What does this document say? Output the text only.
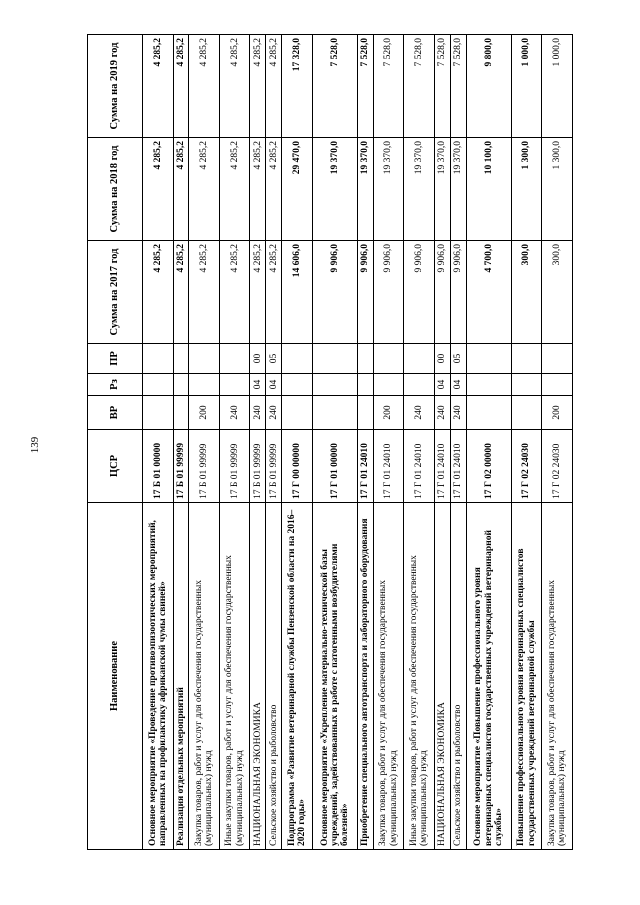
139
Наименование	ЦСР	ВР	Рз	ПР	Сумма на 2017 год	Сумма на 2018 год	Сумма на 2019 год
Основное мероприятие «Проведение противоэпизоотических мероприятий, направленных на профилактику африканской чумы свиней»	17 Б 01 00000				4 285,2	4 285,2	4 285,2
Реализация отдельных мероприятий	17 Б 01 99999				4 285,2	4 285,2	4 285,2
Закупка товаров, работ и услуг для обеспечения государственных (муниципальных) нужд	17 Б 01 99999	200			4 285,2	4 285,2	4 285,2
Иные закупки товаров, работ и услуг для обеспечения государственных (муниципальных) нужд	17 Б 01 99999	240			4 285,2	4 285,2	4 285,2
НАЦИОНАЛЬНАЯ ЭКОНОМИКА	17 Б 01 99999	240	04	00	4 285,2	4 285,2	4 285,2
Сельское хозяйство и рыболовство	17 Б 01 99999	240	04	05	4 285,2	4 285,2	4 285,2
Подпрограмма «Развитие ветеринарной службы Пензенской области на 2016–2020 годы»	17 Г 00 00000				14 606,0	29 470,0	17 328,0
Основное мероприятие «Укрепление материально-технической базы учреждений, задействованных в работе с патогенными возбудителями болезней»	17 Г 01 00000				9 906,0	19 370,0	7 528,0
Приобретение специального автотранспорта и лабораторного оборудования	17 Г 01 24010				9 906,0	19 370,0	7 528,0
Закупка товаров, работ и услуг для обеспечения государственных (муниципальных) нужд	17 Г 01 24010	200			9 906,0	19 370,0	7 528,0
Иные закупки товаров, работ и услуг для обеспечения государственных (муниципальных) нужд	17 Г 01 24010	240			9 906,0	19 370,0	7 528,0
НАЦИОНАЛЬНАЯ ЭКОНОМИКА	17 Г 01 24010	240	04	00	9 906,0	19 370,0	7 528,0
Сельское хозяйство и рыболовство	17 Г 01 24010	240	04	05	9 906,0	19 370,0	7 528,0
Основное мероприятие «Повышение профессионального уровня ветеринарных специалистов государственных учреждений ветеринарной службы»	17 Г 02 00000				4 700,0	10 100,0	9 800,0
Повышение профессионального уровня ветеринарных специалистов государственных учреждений ветеринарной службы	17 Г 02 24030				300,0	1 300,0	1 000,0
Закупка товаров, работ и услуг для обеспечения государственных (муниципальных) нужд	17 Г 02 24030	200			300,0	1 300,0	1 000,0
